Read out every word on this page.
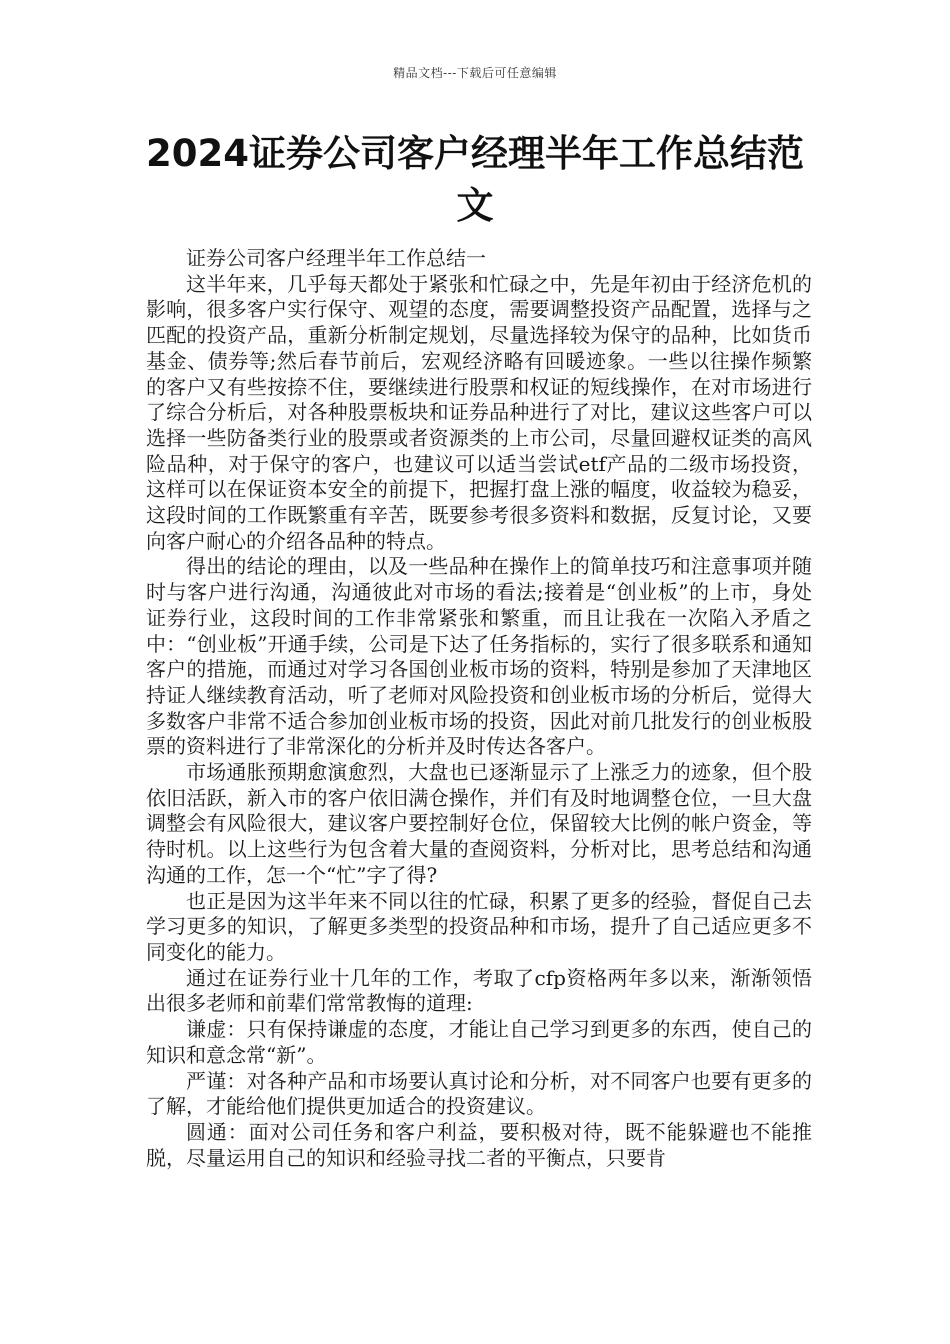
精品文档---下载后可任意编辑
2024证券公司客户经理半年工作总结范文

证券公司客户经理半年工作总结一

这半年来，几乎每天都处于紧张和忙碌之中，先是年初由于经济危机的影响，很多客户实行保守、观望的态度，需要调整投资产品配置，选择与之匹配的投资产品，重新分析制定规划，尽量选择较为保守的品种，比如货币基金、债券等;然后春节前后，宏观经济略有回暖迹象。一些以往操作频繁的客户又有些按捺不住，要继续进行股票和权证的短线操作，在对市场进行了综合分析后，对各种股票板块和证券品种进行了对比，建议这些客户可以选择一些防备类行业的股票或者资源类的上市公司，尽量回避权证类的高风险品种，对于保守的客户，也建议可以适当尝试etf产品的二级市场投资，这样可以在保证资本安全的前提下，把握打盘上涨的幅度，收益较为稳妥，这段时间的工作既繁重有辛苦，既要参考很多资料和数据，反复讨论，又要向客户耐心的介绍各品种的特点。

得出的结论的理由，以及一些品种在操作上的简单技巧和注意事项并随时与客户进行沟通，沟通彼此对市场的看法;接着是“创业板”的上市，身处证券行业，这段时间的工作非常紧张和繁重，而且让我在一次陷入矛盾之中：“创业板”开通手续，公司是下达了任务指标的，实行了很多联系和通知客户的措施，而通过对学习各国创业板市场的资料，特别是参加了天津地区持证人继续教育活动，听了老师对风险投资和创业板市场的分析后，觉得大多数客户非常不适合参加创业板市场的投资，因此对前几批发行的创业板股票的资料进行了非常深化的分析并及时传达各客户。

市场通胀预期愈演愈烈，大盘也已逐渐显示了上涨乏力的迹象，但个股依旧活跃，新入市的客户依旧满仓操作，并们有及时地调整仓位，一旦大盘调整会有风险很大，建议客户要控制好仓位，保留较大比例的帐户资金，等待时机。以上这些行为包含着大量的查阅资料，分析对比，思考总结和沟通沟通的工作，怎一个“忙”字了得?

也正是因为这半年来不同以往的忙碌，积累了更多的经验，督促自己去学习更多的知识，了解更多类型的投资品种和市场，提升了自己适应更多不同变化的能力。

通过在证券行业十几年的工作，考取了cfp资格两年多以来，渐渐领悟出很多老师和前辈们常常教悔的道理:

谦虚：只有保持谦虚的态度，才能让自己学习到更多的东西，使自己的知识和意念常“新”。

严谨：对各种产品和市场要认真讨论和分析，对不同客户也要有更多的了解，才能给他们提供更加适合的投资建议。

圆通：面对公司任务和客户利益，要积极对待，既不能躲避也不能推脱，尽量运用自己的知识和经验寻找二者的平衡点，只要肯
